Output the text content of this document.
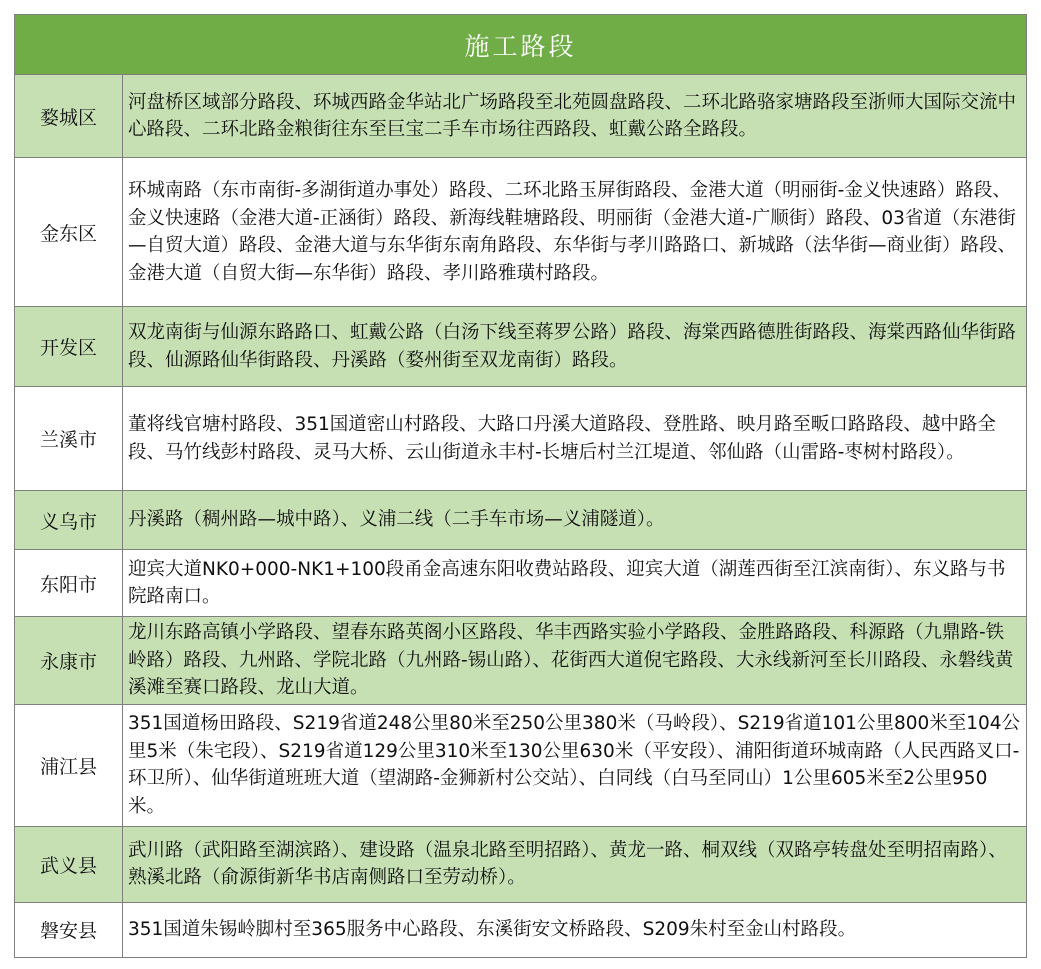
施工路段	
婺城区	河盘桥区域部分路段、环城西路金华站北广场路段至北苑圆盘路段、二环北路骆家塘路段至浙师大国际交流中心路段、二环北路金粮街往东至巨宝二手车市场往西路段、虹戴公路全路段。
金东区	环城南路（东市南街-多湖街道办事处）路段、二环北路玉屏街路段、金港大道（明丽街-金义快速路）路段、金义快速路（金港大道-正涵街）路段、新海线鞋塘路段、明丽街（金港大道-广顺街）路段、03省道（东港街—自贸大道）路段、金港大道与东华街东南角路段、东华街与孝川路路口、新城路（法华街—商业街）路段、金港大道（自贸大街—东华街）路段、孝川路雅璜村路段。
开发区	双龙南街与仙源东路路口、虹戴公路（白汤下线至蒋罗公路）路段、海棠西路德胜街路段、海棠西路仙华街路段、仙源路仙华街路段、丹溪路（婺州街至双龙南街）路段。
兰溪市	董将线官塘村路段、351国道密山村路段、大路口丹溪大道路段、登胜路、映月路至畈口路路段、越中路全段、马竹线彭村路段、灵马大桥、云山街道永丰村-长塘后村兰江堤道、邻仙路（山雷路-枣树村路段）。
义乌市	丹溪路（稠州路—城中路）、义浦二线（二手车市场—义浦隧道）。
东阳市	迎宾大道NK0+000-NK1+100段甬金高速东阳收费站路段、迎宾大道（湖莲西街至江滨南街）、东义路与书院路南口。
永康市	龙川东路高镇小学路段、望春东路英阁小区路段、华丰西路实验小学路段、金胜路路段、科源路（九鼎路-铁岭路）路段、九州路、学院北路（九州路-锡山路）、花街西大道倪宅路段、大永线新河至长川路段、永磐线黄溪滩至赛口路段、龙山大道。
浦江县	351国道杨田路段、S219省道248公里80米至250公里380米（马岭段）、S219省道101公里800米至104公里5米（朱宅段）、S219省道129公里310米至130公里630米（平安段）、浦阳街道环城南路（人民西路叉口-环卫所）、仙华街道班班大道（望湖路-金狮新村公交站）、白同线（白马至同山）1公里605米至2公里950米。
武义县	武川路（武阳路至湖滨路）、建设路（温泉北路至明招路）、黄龙一路、桐双线（双路亭转盘处至明招南路）、熟溪北路（俞源街新华书店南侧路口至劳动桥）。
磐安县	351国道朱锡岭脚村至365服务中心路段、东溪街安文桥路段、S209朱村至金山村路段。
